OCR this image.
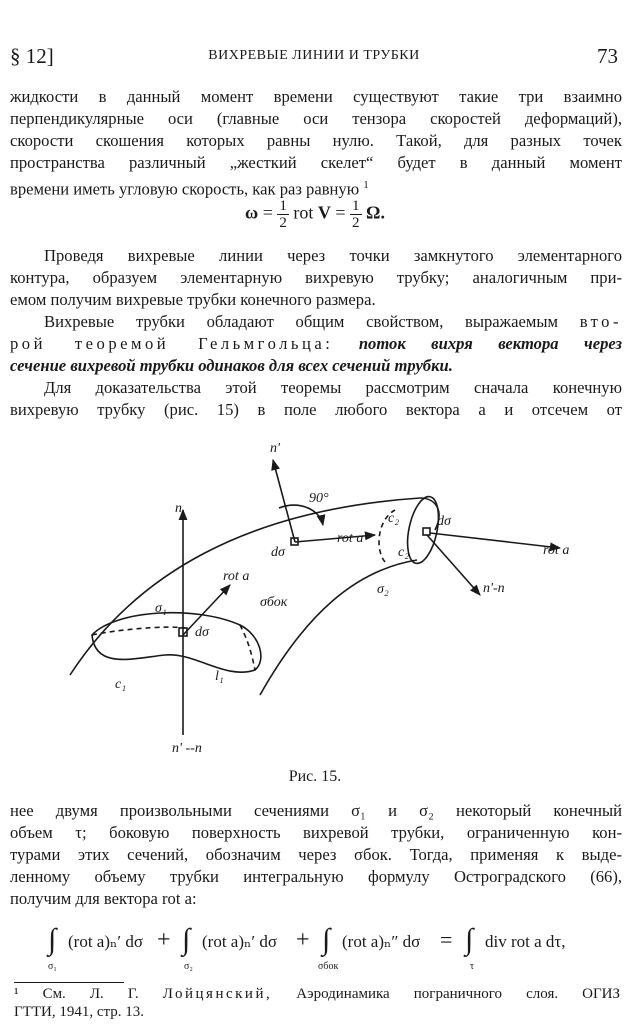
§ 12]	ВИХРЕВЫЕ ЛИНИИ И ТРУБКИ	73
жидкости в данный момент времени существуют такие три взаимно
перпендикулярные оси (главные оси тензора скоростей деформаций),
скорости скошения которых равны нулю. Такой, для разных точек
пространства различный „жесткий скелет“ будет в данный момент
времени иметь угловую скорость, как раз равную $^1$
$\omega = \frac{1}{2}$ rot $V = \frac{1}{2} \Omega$.
Проведя вихревые линии через точки замкнутого элементарного
контура, образуем элементарную вихревую трубку; аналогичным при-
емом получим вихревые трубки конечного размера.
Вихревые трубки обладают общим свойством, выражаемым вто-
рой теоремой Гельмгольца: поток вихря вектора через
сечение вихревой трубки одинаков для всех сечений трубки.
Для доказательства этой теоремы рассмотрим сначала конечную
вихревую трубку (рис. 15) в поле любого вектора a и отсечем от
n'
90°
c₂	dσ
dσ
rot a
c₂	rot a
n'-n
n
rot a
σ₁	σбок
σ₂
dσ
c₁
l₁
n' --n
Рис. 15.
нее двумя произвольными сечениями σ₁ и σ₂ некоторый конечный
объем τ; боковую поверхность вихревой трубки, ограниченную кон-
турами этих сечений, обозначим через σбок. Тогда, применяя к выде-
ленному объему трубки интегральную формулу Остроградского (66),
получим для вектора rot a:
∫ (rot a)ₙ′ dσ + ∫ (rot a)ₙ′ dσ + ∫ (rot a)ₙ″ dσ = ∫ div rot a dτ,
σ₁	σ₂	σбок	τ
¹ См. Л. Г. Лойцянский, Аэродинамика пограничного слоя. ОГИЗ
ГТТИ, 1941, стр. 13.
